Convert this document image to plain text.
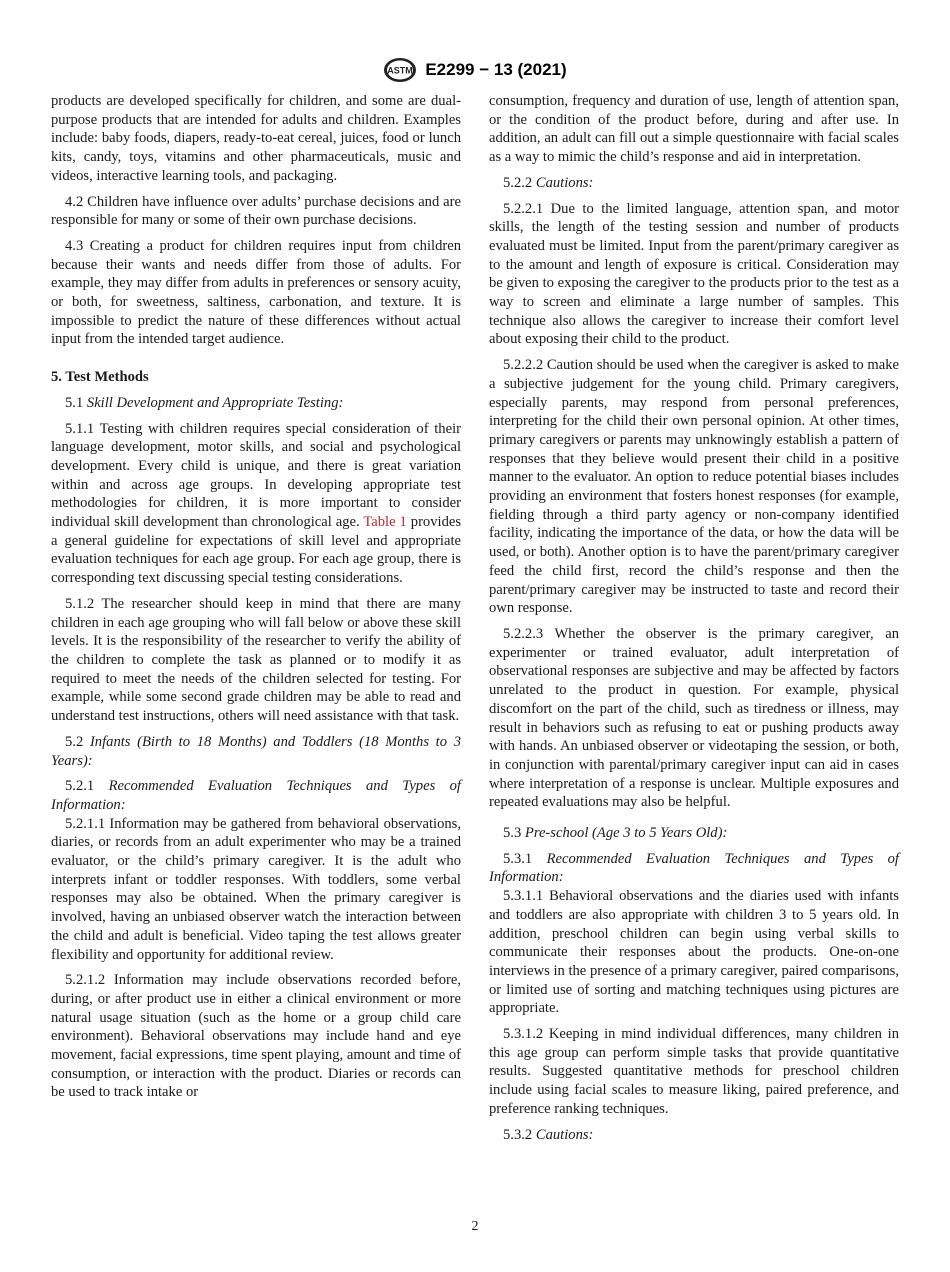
ASTM E2299 − 13 (2021)

products are developed specifically for children, and some are dual-purpose products that are intended for adults and children. Examples include: baby foods, diapers, ready-to-eat cereal, juices, food or lunch kits, candy, toys, vitamins and other pharmaceuticals, music and videos, interactive learning tools, and packaging.

4.2 Children have influence over adults’ purchase decisions and are responsible for many or some of their own purchase decisions.

4.3 Creating a product for children requires input from children because their wants and needs differ from those of adults. For example, they may differ from adults in preferences or sensory acuity, or both, for sweetness, saltiness, carbonation, and texture. It is impossible to predict the nature of these differences without actual input from the intended target audience.

5. Test Methods

5.1 Skill Development and Appropriate Testing:

5.1.1 Testing with children requires special consideration of their language development, motor skills, and social and psychological development. Every child is unique, and there is great variation within and across age groups. In developing appropriate test methodologies for children, it is more important to consider individual skill development than chronological age. Table 1 provides a general guideline for expectations of skill level and appropriate evaluation techniques for each age group. For each age group, there is corresponding text discussing special testing considerations.

5.1.2 The researcher should keep in mind that there are many children in each age grouping who will fall below or above these skill levels. It is the responsibility of the researcher to verify the ability of the children to complete the task as planned or to modify it as required to meet the needs of the children selected for testing. For example, while some second grade children may be able to read and understand test instructions, others will need assistance with that task.

5.2 Infants (Birth to 18 Months) and Toddlers (18 Months to 3 Years):

5.2.1 Recommended Evaluation Techniques and Types of Information:

5.2.1.1 Information may be gathered from behavioral observations, diaries, or records from an adult experimenter who may be a trained evaluator, or the child’s primary caregiver. It is the adult who interprets infant or toddler responses. With toddlers, some verbal responses may also be obtained. When the primary caregiver is involved, having an unbiased observer watch the interaction between the child and adult is beneficial. Video taping the test allows greater flexibility and opportunity for additional review.

5.2.1.2 Information may include observations recorded before, during, or after product use in either a clinical environment or more natural usage situation (such as the home or a group child care environment). Behavioral observations may include hand and eye movement, facial expressions, time spent playing, amount and time of consumption, or interaction with the product. Diaries or records can be used to track intake or

consumption, frequency and duration of use, length of attention span, or the condition of the product before, during and after use. In addition, an adult can fill out a simple questionnaire with facial scales as a way to mimic the child’s response and aid in interpretation.

5.2.2 Cautions:

5.2.2.1 Due to the limited language, attention span, and motor skills, the length of the testing session and number of products evaluated must be limited. Input from the parent/primary caregiver as to the amount and length of exposure is critical. Consideration may be given to exposing the caregiver to the products prior to the test as a way to screen and eliminate a large number of samples. This technique also allows the caregiver to increase their comfort level about exposing their child to the product.

5.2.2.2 Caution should be used when the caregiver is asked to make a subjective judgement for the young child. Primary caregivers, especially parents, may respond from personal preferences, interpreting for the child their own personal opinion. At other times, primary caregivers or parents may unknowingly establish a pattern of responses that they believe would present their child in a positive manner to the evaluator. An option to reduce potential biases includes providing an environment that fosters honest responses (for example, fielding through a third party agency or non-company identified facility, indicating the importance of the data, or how the data will be used, or both). Another option is to have the parent/primary caregiver feed the child first, record the child’s response and then the parent/primary caregiver may be instructed to taste and record their own response.

5.2.2.3 Whether the observer is the primary caregiver, an experimenter or trained evaluator, adult interpretation of observational responses are subjective and may be affected by factors unrelated to the product in question. For example, physical discomfort on the part of the child, such as tiredness or illness, may result in behaviors such as refusing to eat or pushing products away with hands. An unbiased observer or videotaping the session, or both, in conjunction with parental/primary caregiver input can aid in cases where interpretation of a response is unclear. Multiple exposures and repeated evaluations may also be helpful.

5.3 Pre-school (Age 3 to 5 Years Old):

5.3.1 Recommended Evaluation Techniques and Types of Information:

5.3.1.1 Behavioral observations and the diaries used with infants and toddlers are also appropriate with children 3 to 5 years old. In addition, preschool children can begin using verbal skills to communicate their responses about the products. One-on-one interviews in the presence of a primary caregiver, paired comparisons, or limited use of sorting and matching techniques using pictures are appropriate.

5.3.1.2 Keeping in mind individual differences, many children in this age group can perform simple tasks that provide quantitative results. Suggested quantitative methods for preschool children include using facial scales to measure liking, paired preference, and preference ranking techniques.

5.3.2 Cautions:

2
